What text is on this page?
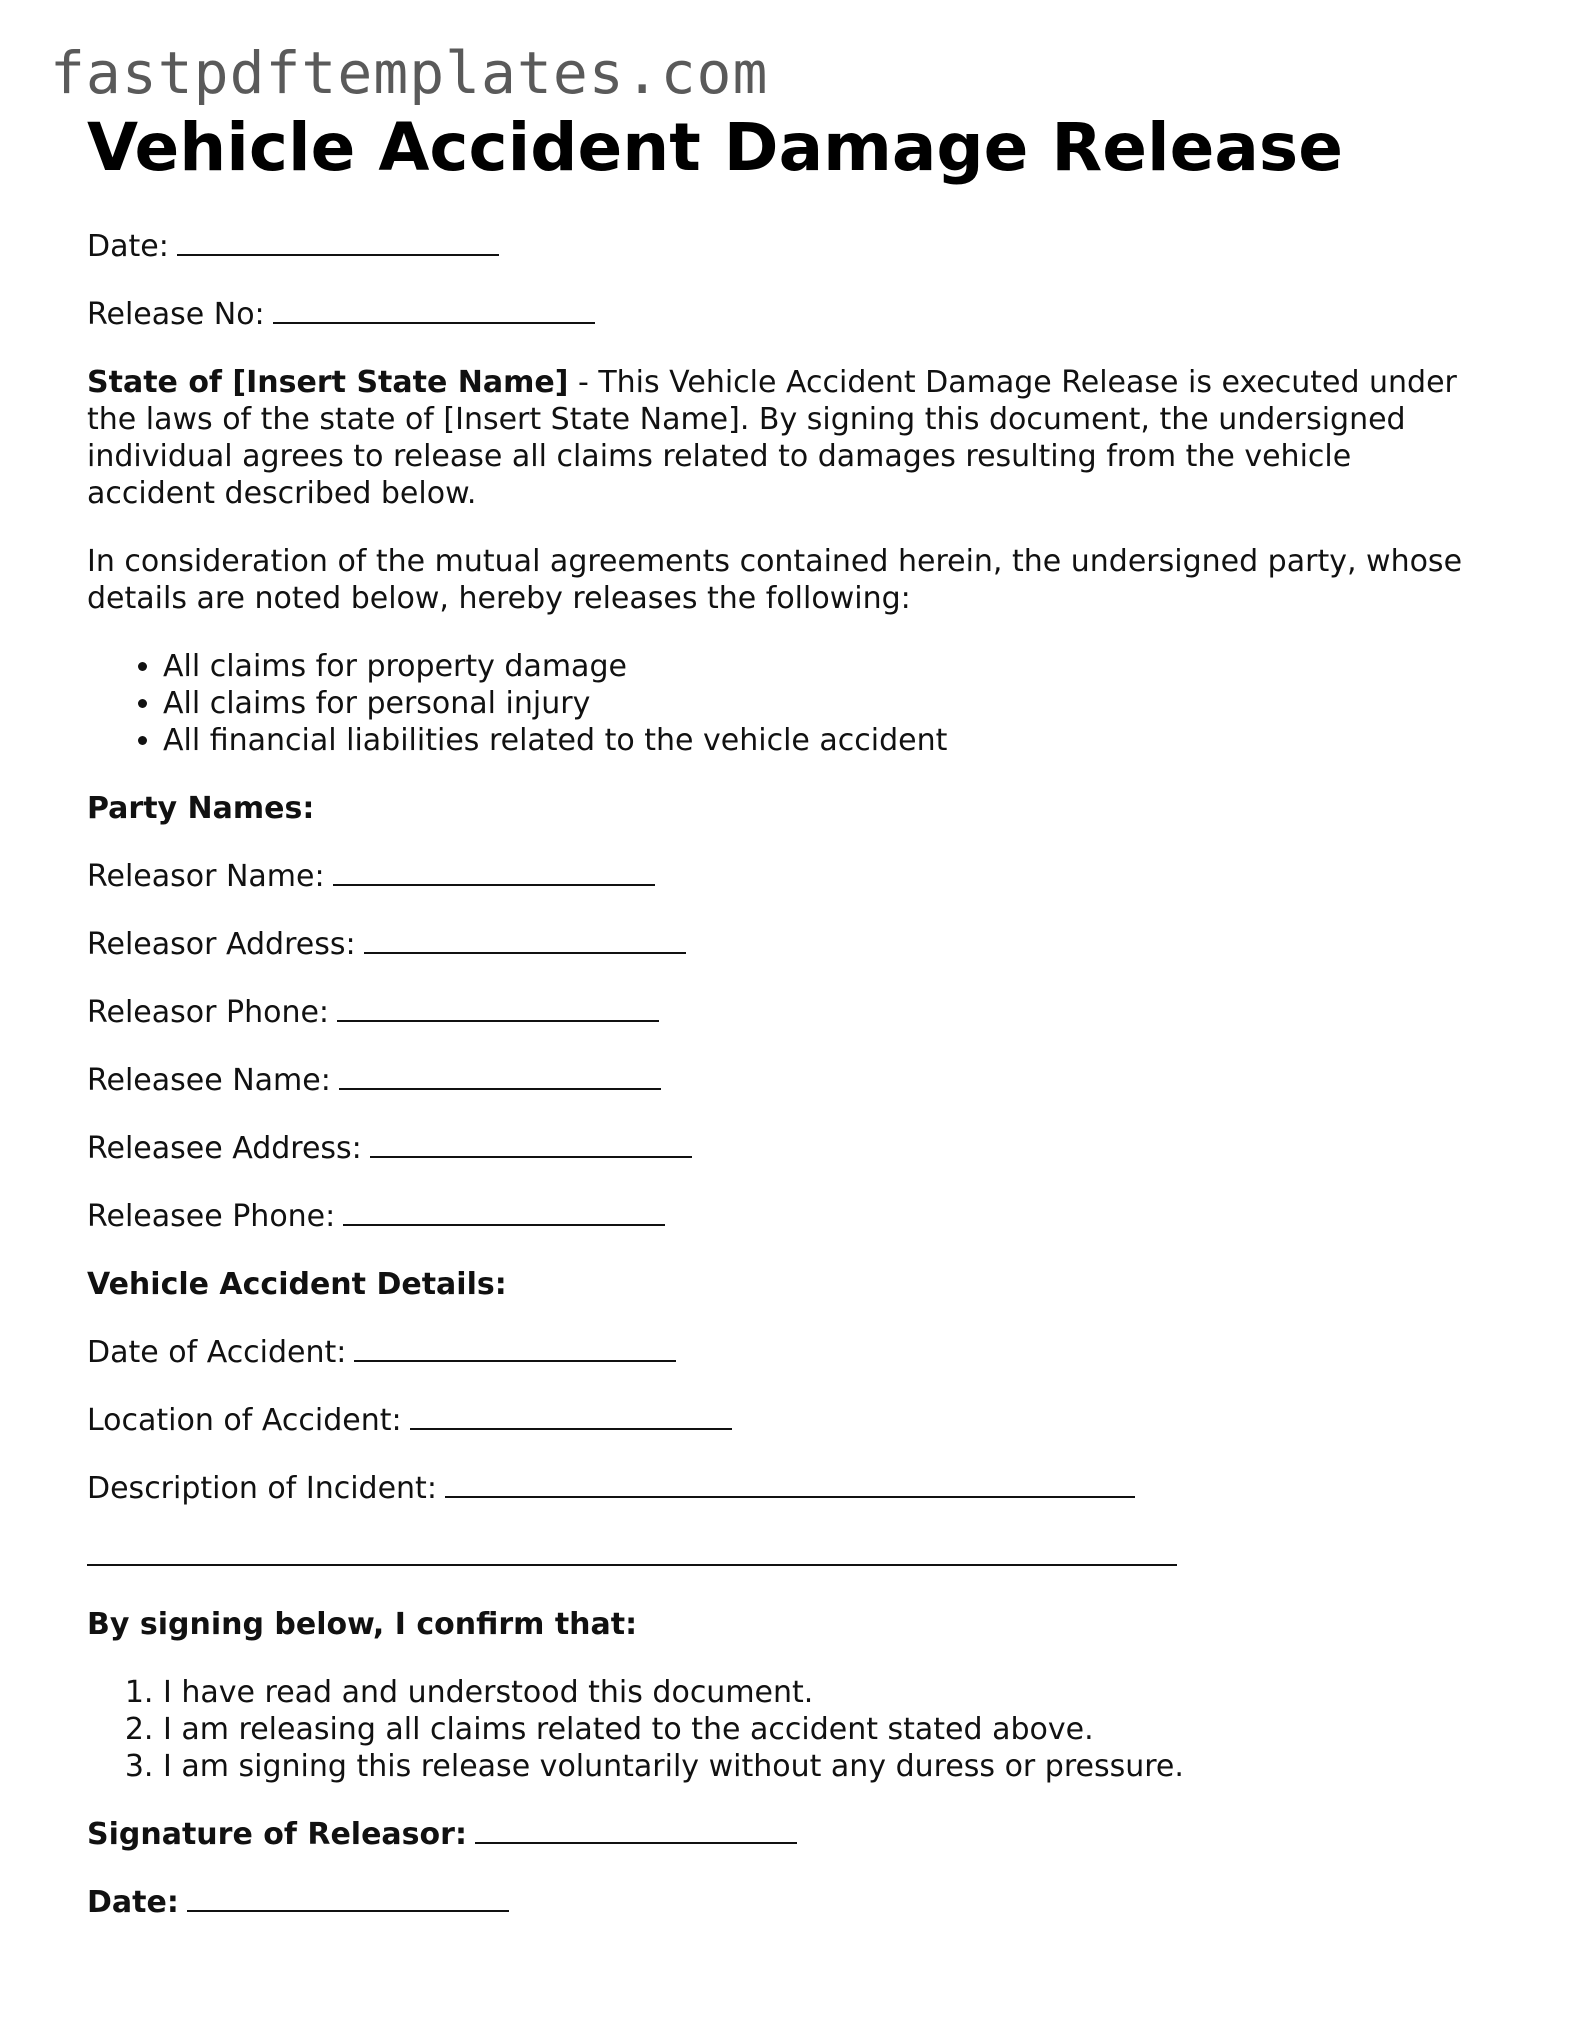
fastpdftemplates.com
Vehicle Accident Damage Release

Date:

Release No:

State of [Insert State Name] - This Vehicle Accident Damage Release is executed under the laws of the state of [Insert State Name]. By signing this document, the undersigned individual agrees to release all claims related to damages resulting from the vehicle accident described below.

In consideration of the mutual agreements contained herein, the undersigned party, whose details are noted below, hereby releases the following:

• All claims for property damage
• All claims for personal injury
• All financial liabilities related to the vehicle accident

Party Names:

Releasor Name:

Releasor Address:

Releasor Phone:

Releasee Name:

Releasee Address:

Releasee Phone:

Vehicle Accident Details:

Date of Accident:

Location of Accident:

Description of Incident:

By signing below, I confirm that:

1. I have read and understood this document.
2. I am releasing all claims related to the accident stated above.
3. I am signing this release voluntarily without any duress or pressure.

Signature of Releasor:

Date:
